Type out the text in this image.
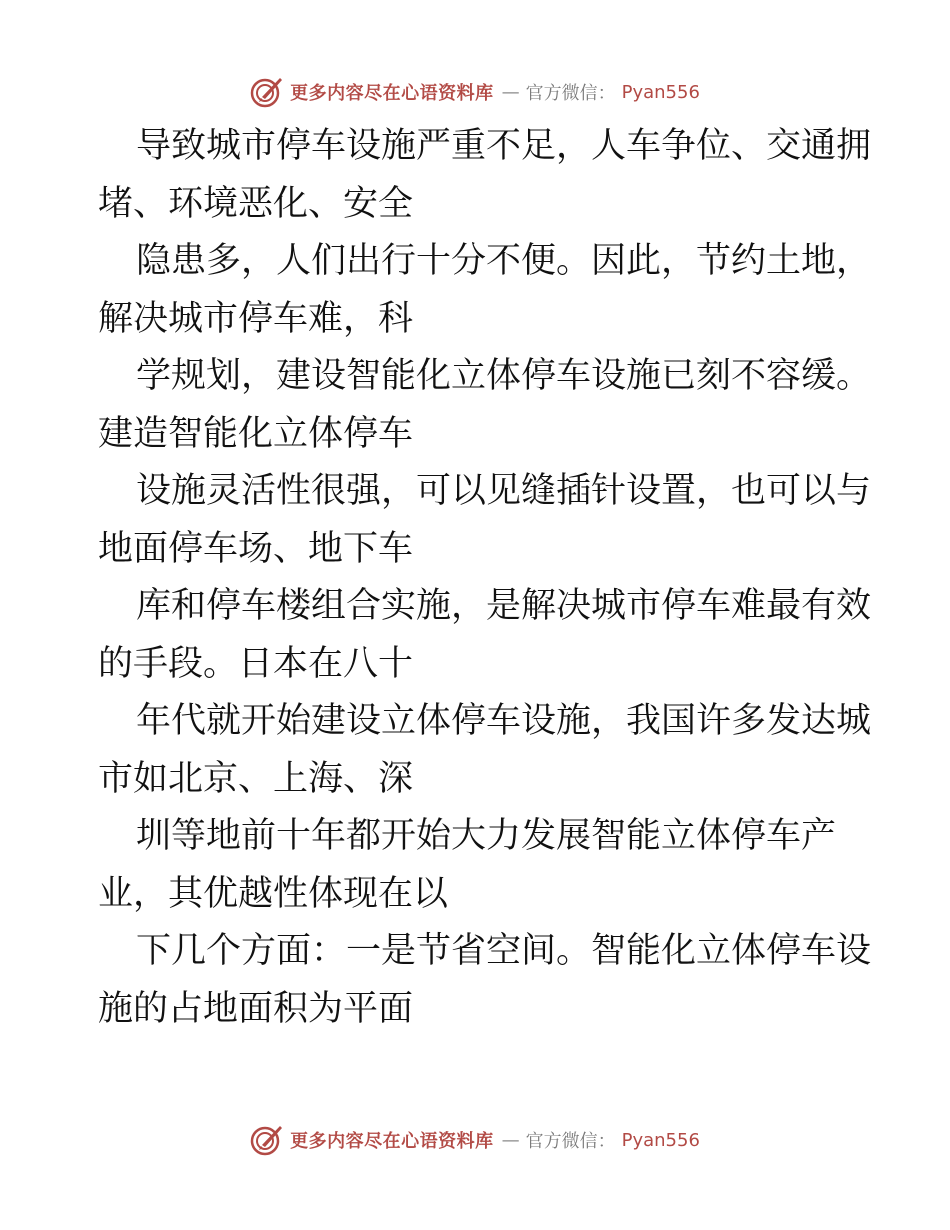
更多内容尽在心语资料库 — 官方微信： Pyan556
导致城市停车设施严重不足，人车争位、交通拥
堵、环境恶化、安全
隐患多，人们出行十分不便。因此，节约土地，
解决城市停车难，科
学规划，建设智能化立体停车设施已刻不容缓。
建造智能化立体停车
设施灵活性很强，可以见缝插针设置，也可以与
地面停车场、地下车
库和停车楼组合实施，是解决城市停车难最有效
的手段。日本在八十
年代就开始建设立体停车设施，我国许多发达城
市如北京、上海、深
圳等地前十年都开始大力发展智能立体停车产
业，其优越性体现在以
下几个方面：一是节省空间。智能化立体停车设
施的占地面积为平面
更多内容尽在心语资料库 — 官方微信： Pyan556
